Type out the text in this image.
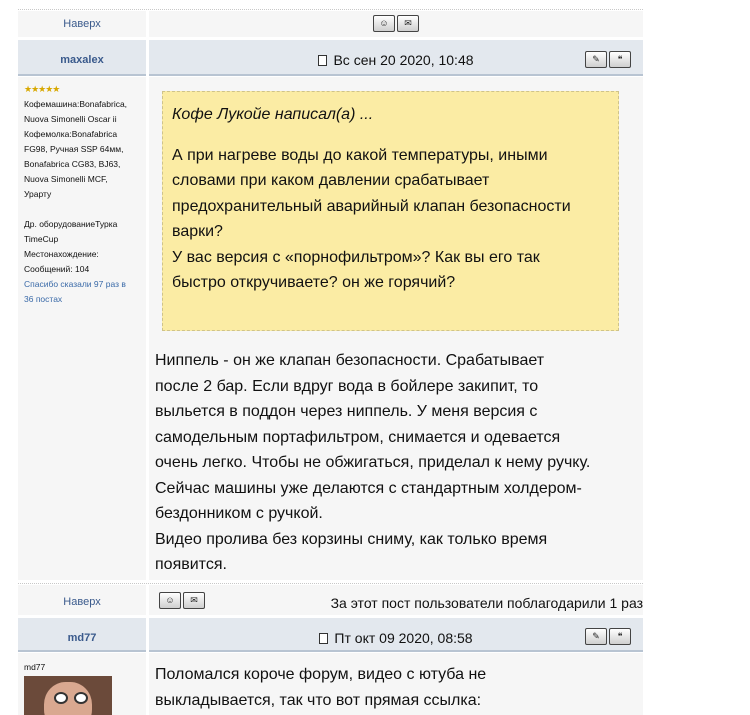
Наверх	☺	✉
maxalex	Вс сен 20 2020, 10:48	✎	❝
★★★★★
Кофемашина:Bonafabrica,
Nuova Simonelli Oscar ii
Кофемолка:Bonafabrica
FG98, Ручная SSP 64мм,
Bonafabrica CG83, BJ63,
Nuova Simonelli MCF,
Урарту

Др. оборудованиеТурка
TimeCup
Местонахождение:
Сообщений: 104
Спасибо сказали 97 раз в
36 постах
Кофе Лукойе написал(а) ...
А при нагреве воды до какой температуры, иными
словами при каком давлении срабатывает
предохранительный аварийный клапан безопасности
варки?
У вас версия с «порнофильтром»? Как вы его так
быстро откручиваете? он же горячий?
Ниппель - он же клапан безопасности. Срабатывает
после 2 бар. Если вдруг вода в бойлере закипит, то
выльется в поддон через ниппель. У меня версия с
самодельным портафильтром, снимается и одевается
очень легко. Чтобы не обжигаться, приделал к нему ручку.
Сейчас машины уже делаются с стандартным холдером-
бездонником с ручкой.
Видео пролива без корзины сниму, как только время
появится.
Наверх	☺	✉	За этот пост пользователи поблагодарили 1 раз
md77	Пт окт 09 2020, 08:58	✎	❝
md77	Поломался короче форум, видео с ютуба не
выкладывается, так что вот прямая ссылка:
